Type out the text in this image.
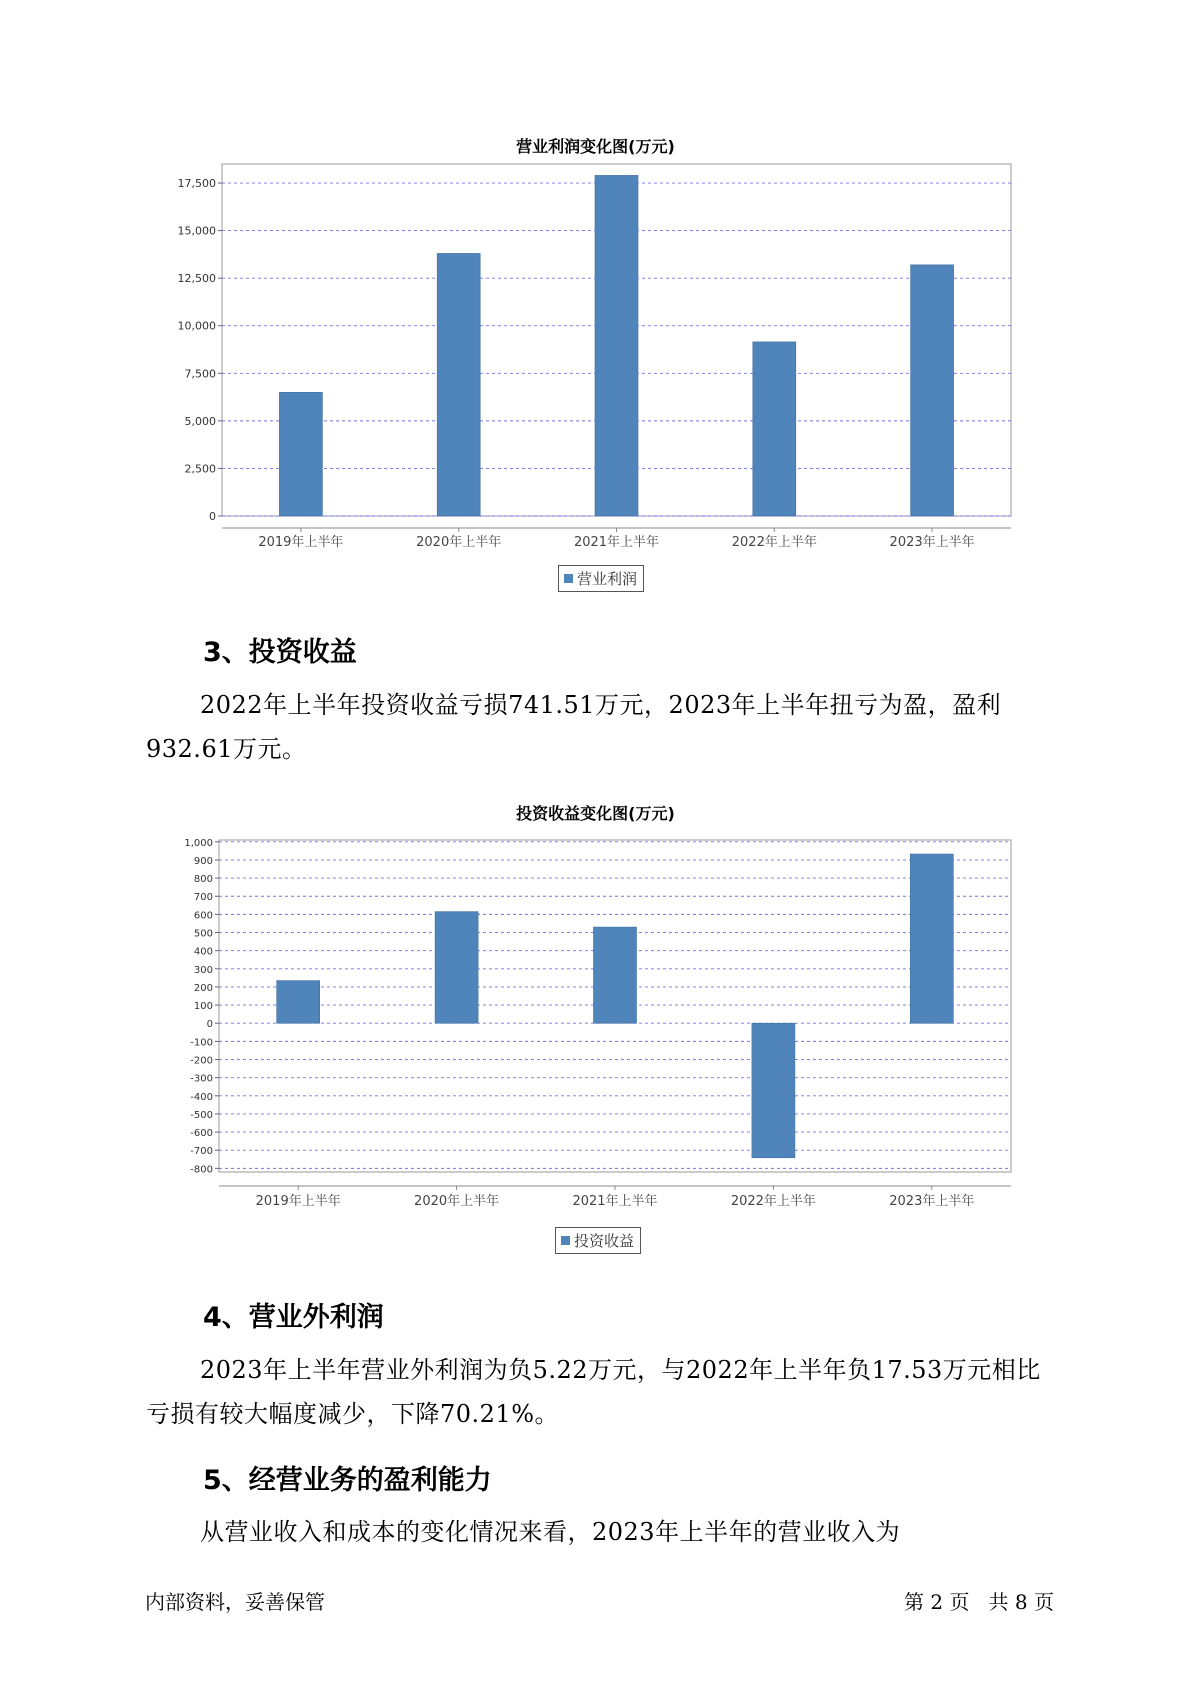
营业利润变化图(万元)
0
2,500
5,000
7,500
10,000
12,500
15,000
17,500
2019年上半年	2020年上半年	2021年上半年	2022年上半年	2023年上半年
营业利润
3、投资收益
2022年上半年投资收益亏损741.51万元，2023年上半年扭亏为盈，盈利932.61万元。
投资收益变化图(万元)
-800
-700
-600
-500
-400
-300
-200
-100
0
100
200
300
400
500
600
700
800
900
1,000
2019年上半年	2020年上半年	2021年上半年	2022年上半年	2023年上半年
投资收益
4、营业外利润
2023年上半年营业外利润为负5.22万元，与2022年上半年负17.53万元相比亏损有较大幅度减少，下降70.21%。
5、经营业务的盈利能力
从营业收入和成本的变化情况来看，2023年上半年的营业收入为
内部资料，妥善保管	第 2 页 共 8 页
